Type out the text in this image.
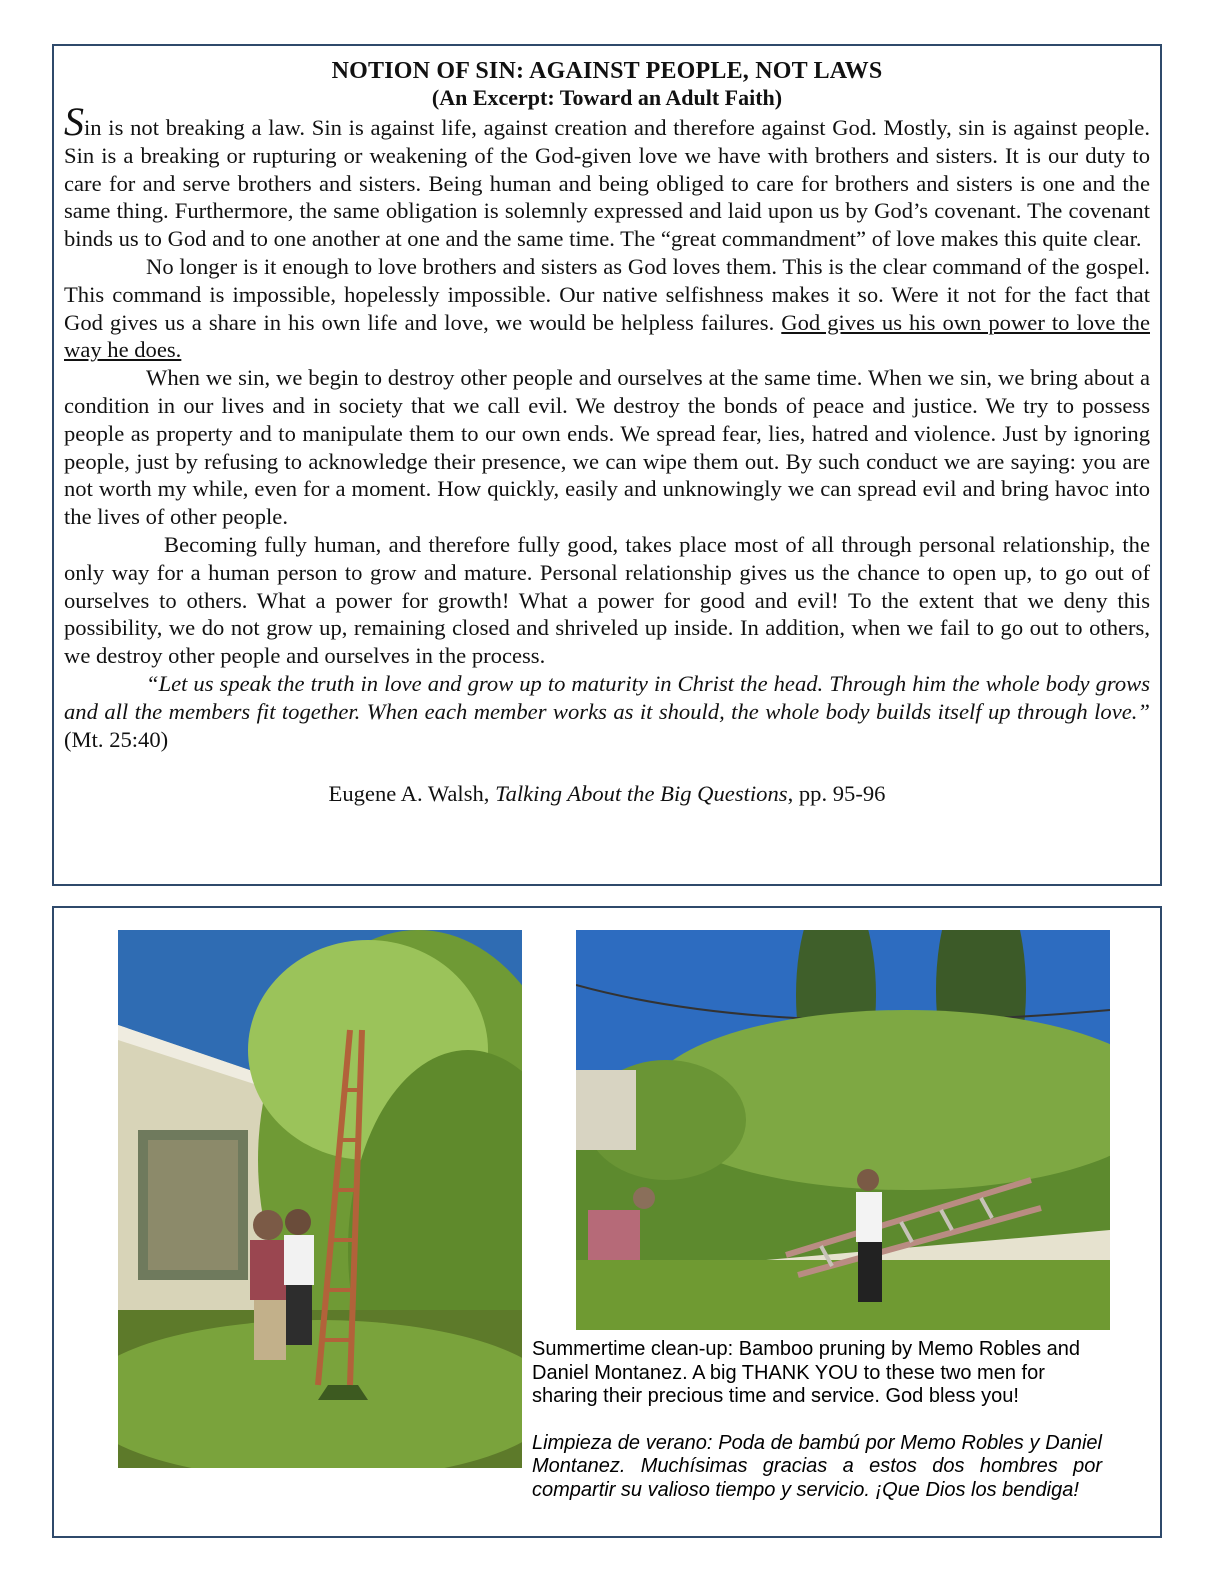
NOTION OF SIN: AGAINST PEOPLE, NOT LAWS
(An Excerpt: Toward an Adult Faith)

Sin is not breaking a law. Sin is against life, against creation and therefore against God. Mostly, sin is against people. Sin is a breaking or rupturing or weakening of the God-given love we have with brothers and sisters. It is our duty to care for and serve brothers and sisters. Being human and being obliged to care for brothers and sisters is one and the same thing. Furthermore, the same obligation is solemnly expressed and laid upon us by God’s covenant. The covenant binds us to God and to one another at one and the same time. The “great commandment” of love makes this quite clear.

No longer is it enough to love brothers and sisters as God loves them. This is the clear command of the gospel. This command is impossible, hopelessly impossible. Our native selfishness makes it so. Were it not for the fact that God gives us a share in his own life and love, we would be helpless failures. God gives us his own power to love the way he does.

When we sin, we begin to destroy other people and ourselves at the same time. When we sin, we bring about a condition in our lives and in society that we call evil. We destroy the bonds of peace and justice. We try to possess people as property and to manipulate them to our own ends. We spread fear, lies, hatred and violence. Just by ignoring people, just by refusing to acknowledge their presence, we can wipe them out. By such conduct we are saying: you are not worth my while, even for a moment. How quickly, easily and unknowingly we can spread evil and bring havoc into the lives of other people.

Becoming fully human, and therefore fully good, takes place most of all through personal relationship, the only way for a human person to grow and mature. Personal relationship gives us the chance to open up, to go out of ourselves to others. What a power for growth! What a power for good and evil! To the extent that we deny this possibility, we do not grow up, remaining closed and shriveled up inside. In addition, when we fail to go out to others, we destroy other people and ourselves in the process.

“Let us speak the truth in love and grow up to maturity in Christ the head. Through him the whole body grows and all the members fit together. When each member works as it should, the whole body builds itself up through love.” (Mt. 25:40)

Eugene A. Walsh, Talking About the Big Questions, pp. 95-96

Summertime clean-up: Bamboo pruning by Memo Robles and Daniel Montanez. A big THANK YOU to these two men for sharing their precious time and service. God bless you!

Limpieza de verano: Poda de bambú por Memo Robles y Daniel Montanez. Muchísimas gracias a estos dos hombres por compartir su valioso tiempo y servicio. ¡Que Dios los bendiga!
